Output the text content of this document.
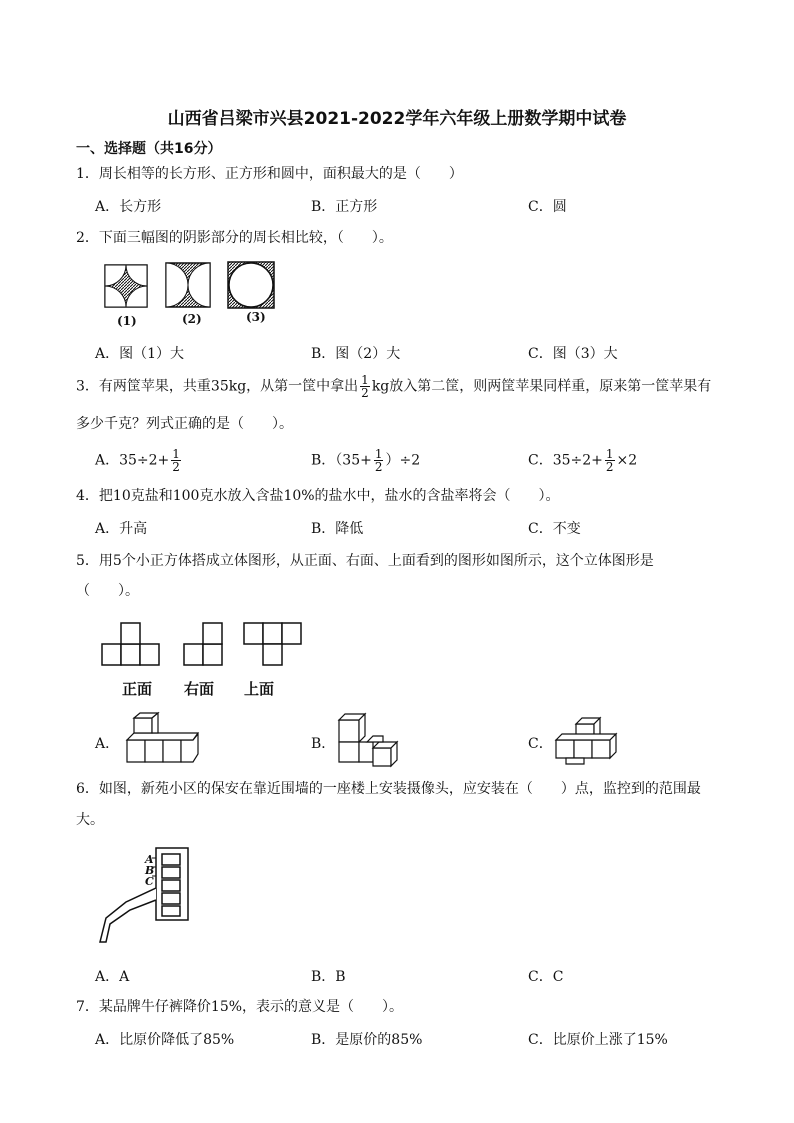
山西省吕梁市兴县2021-2022学年六年级上册数学期中试卷
一、选择题（共16分）
1．周长相等的长方形、正方形和圆中，面积最大的是（　　）
A．长方形	B．正方形	C．圆
2．下面三幅图的阴影部分的周长相比较，（　　）。
(1)	(2)	(3)
A．图（1）大	B．图（2）大	C．图（3）大
3．有两筐苹果，共重35kg，从第一筐中拿出 $\frac{1}{2}$ kg放入第二筐，则两筐苹果同样重，原来第一筐苹果有
多少千克？列式正确的是（　　）。
A．$35\div 2+ \frac{1}{2}$	B．$(35+ \frac{1}{2} )\div 2$	C．$35\div 2+ \frac{1}{2} \times 2$
4．把10克盐和100克水放入含盐10%的盐水中，盐水的含盐率将会（　　）。
A．升高	B．降低	C．不变
5．用5个小正方体搭成立体图形，从正面、右面、上面看到的图形如图所示，这个立体图形是
（　　）。
正面 右面 上面
A．	B．	C．
6．如图，新苑小区的保安在靠近围墙的一座楼上安装摄像头，应安装在（　　）点，监控到的范围最
大。
A
B
C
A．A	B．B	C．C
7．某品牌牛仔裤降价15%，表示的意义是（　　）。
A．比原价降低了85%	B．是原价的85%	C．比原价上涨了15%
